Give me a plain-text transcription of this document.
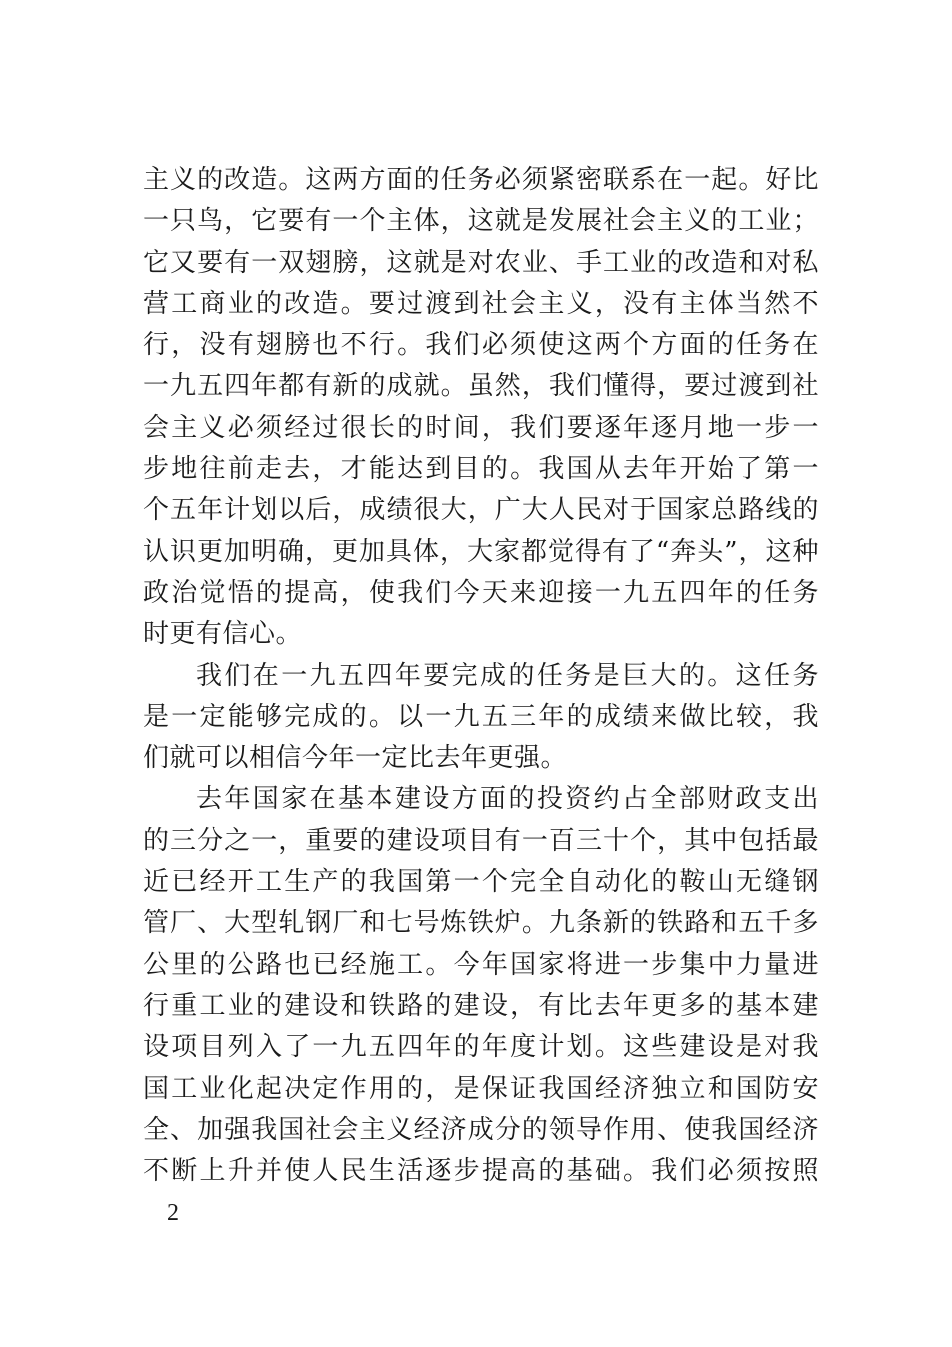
主义的改造。这两方面的任务必须紧密联系在一起。好比
一只鸟，它要有一个主体，这就是发展社会主义的工业；
它又要有一双翅膀，这就是对农业、手工业的改造和对私
营工商业的改造。要过渡到社会主义，没有主体当然不
行，没有翅膀也不行。我们必须使这两个方面的任务在
一九五四年都有新的成就。虽然，我们懂得，要过渡到社
会主义必须经过很长的时间，我们要逐年逐月地一步一
步地往前走去，才能达到目的。我国从去年开始了第一
个五年计划以后，成绩很大，广大人民对于国家总路线的
认识更加明确，更加具体，大家都觉得有了“奔头”，这种
政治觉悟的提高，使我们今天来迎接一九五四年的任务
时更有信心。
我们在一九五四年要完成的任务是巨大的。这任务
是一定能够完成的。以一九五三年的成绩来做比较，我
们就可以相信今年一定比去年更强。
去年国家在基本建设方面的投资约占全部财政支出
的三分之一，重要的建设项目有一百三十个，其中包括最
近已经开工生产的我国第一个完全自动化的鞍山无缝钢
管厂、大型轧钢厂和七号炼铁炉。九条新的铁路和五千多
公里的公路也已经施工。今年国家将进一步集中力量进
行重工业的建设和铁路的建设，有比去年更多的基本建
设项目列入了一九五四年的年度计划。这些建设是对我
国工业化起决定作用的，是保证我国经济独立和国防安
全、加强我国社会主义经济成分的领导作用、使我国经济
不断上升并使人民生活逐步提高的基础。我们必须按照
2
